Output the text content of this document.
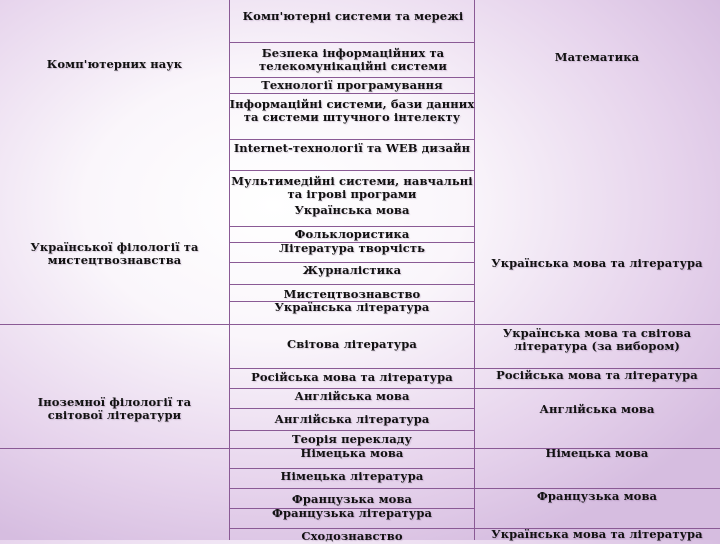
Комп'ютерних наук
Української філології та мистецтвознавства
Іноземної філології та світової літератури
Комп'ютерні системи та мережі
Безпека інформаційних та телекомунікаційні системи
Технології програмування
Інформаційні системи, бази данних та системи штучного інтелекту
Internet-технології та WEB дизайн
Мультимедійні системи, навчальні та ігрові програми
Українська мова
Фольклористика
Література творчість
Журналістика
Мистецтвознавство
Українська література
Світова література
Російська мова та література
Англійська мова
Англійська література
Теорія перекладу
Німецька мова
Німецька література
Французька мова
Французька література
Сходознавство
Математика
Українська мова та література
Українська мова та світова література (за вибором)
Російська мова та література
Англійська мова
Німецька мова
Французька мова
Українська мова та література
